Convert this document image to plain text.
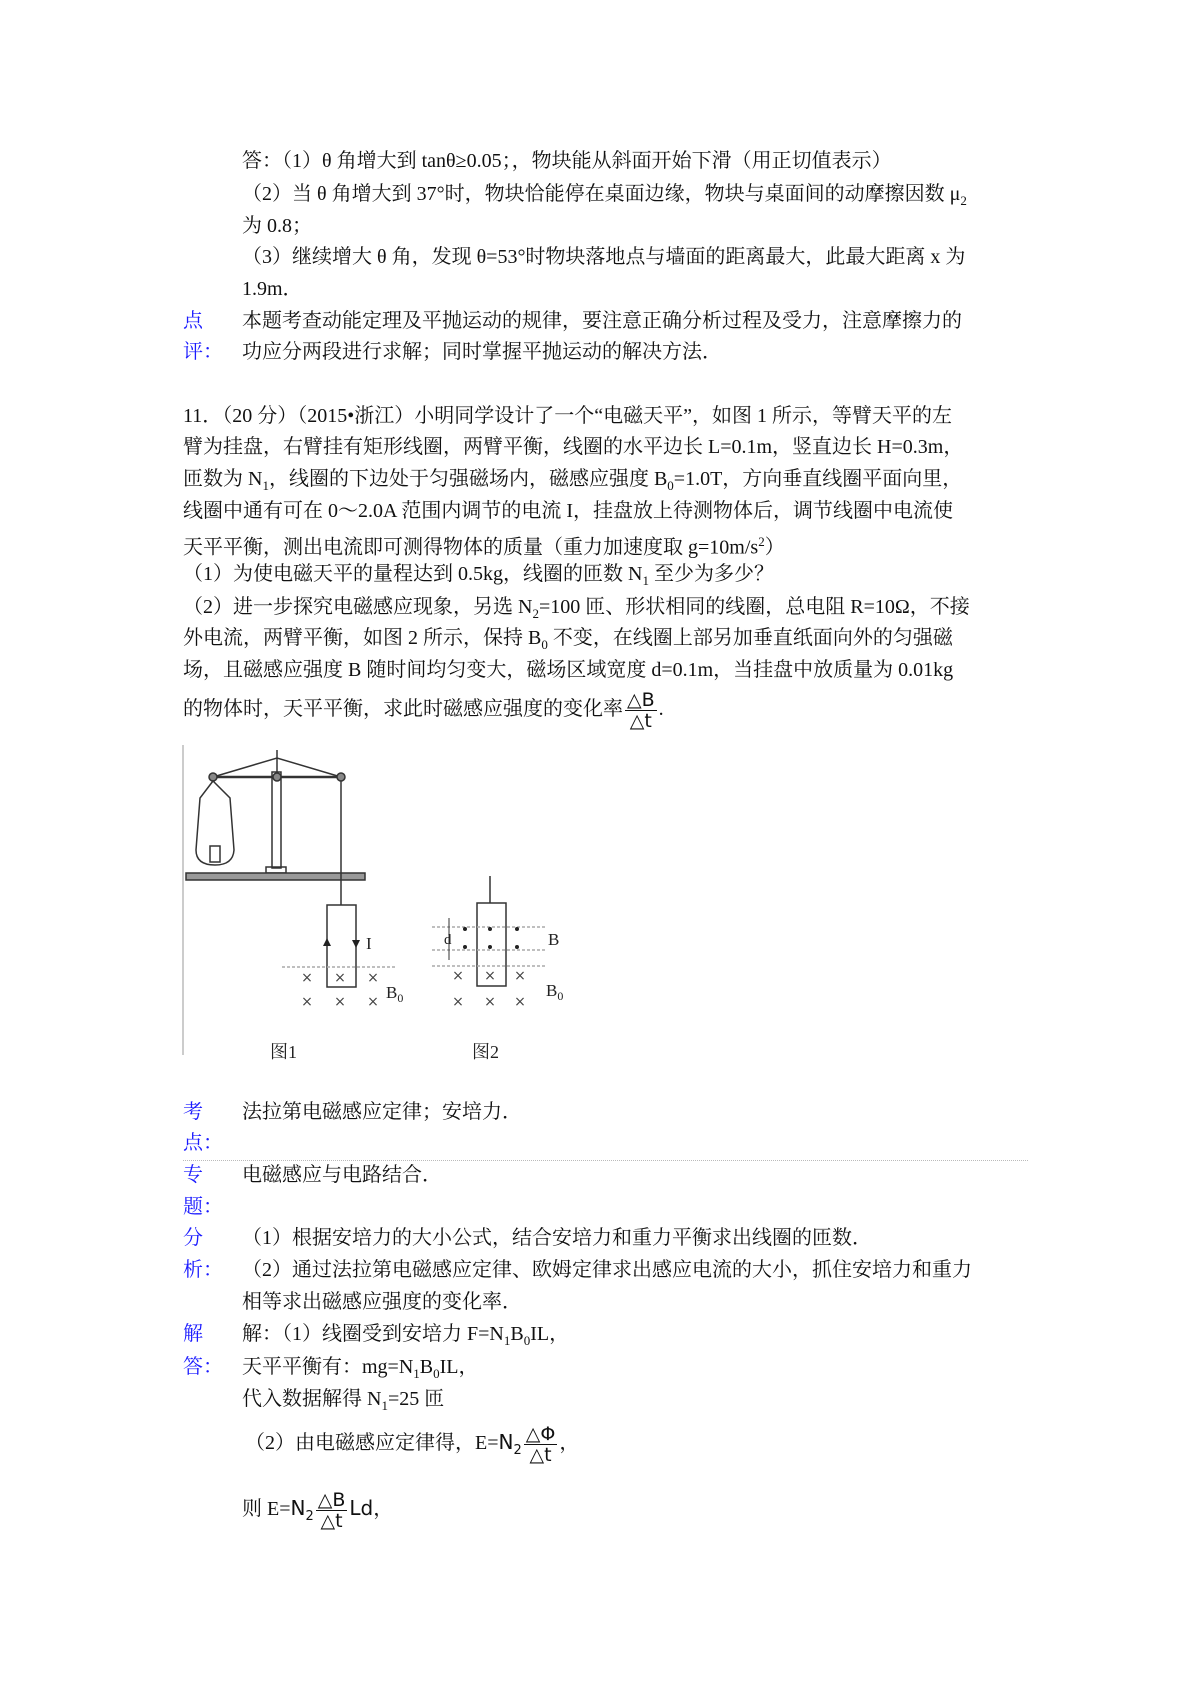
答：（1）θ 角增大到 tanθ≥0.05；，物块能从斜面开始下滑（用正切值表示）
（2）当 θ 角增大到 37°时，物块恰能停在桌面边缘，物块与桌面间的动摩擦因数 $\mu_2$
为 0.8；
（3）继续增大 θ 角，发现 θ=53°时物块落地点与墙面的距离最大，此最大距离 x 为
1.9m．
点
评：
本题考查动能定理及平抛运动的规律，要注意正确分析过程及受力，注意摩擦力的
功应分两段进行求解；同时掌握平抛运动的解决方法．
11．（20 分）（2015•浙江）小明同学设计了一个“电磁天平”，如图 1 所示，等臂天平的左
臂为挂盘，右臂挂有矩形线圈，两臂平衡，线圈的水平边长 L=0.1m，竖直边长 H=0.3m，
匝数为 $N_1$，线圈的下边处于匀强磁场内，磁感应强度 $B_0=1.0T$，方向垂直线圈平面向里，
线圈中通有可在 0～2.0A 范围内调节的电流 I，挂盘放上待测物体后，调节线圈中电流使
天平平衡，测出电流即可测得物体的质量（重力加速度取 $g=10m/s^2$）
（1）为使电磁天平的量程达到 0.5kg，线圈的匝数 $N_1$ 至少为多少？
（2）进一步探究电磁感应现象，另选 $N_2=100$ 匝、形状相同的线圈，总电阻 R=10Ω，不接
外电流，两臂平衡，如图 2 所示，保持 $B_0$ 不变，在线圈上部另加垂直纸面向外的匀强磁
场，且磁感应强度 B 随时间均匀变大，磁场区域宽度 d=0.1m，当挂盘中放质量为 0.01kg
的物体时，天平平衡，求此时磁感应强度的变化率 $\frac{\triangle B}{\triangle t}$ .
× × ×
× × ×
× × ×
× × ×
I
$B_0$	$B_0$
B
d
图1	图2
考
点：
法拉第电磁感应定律；安培力．
专
题：
电磁感应与电路结合．
分
析：
（1）根据安培力的大小公式，结合安培力和重力平衡求出线圈的匝数．
（2）通过法拉第电磁感应定律、欧姆定律求出感应电流的大小，抓住安培力和重力
相等求出磁感应强度的变化率．
解
答：
解：（1）线圈受到安培力 $F=N_1B_0IL$，
天平平衡有：$mg=N_1B_0IL$，
代入数据解得 $N_1=25$ 匝
（2）由电磁感应定律得，$E=N_2 \frac{\triangle\Phi}{\triangle t}$ ，
则 $E=N_2 \frac{\triangle B}{\triangle t}$ Ld，
